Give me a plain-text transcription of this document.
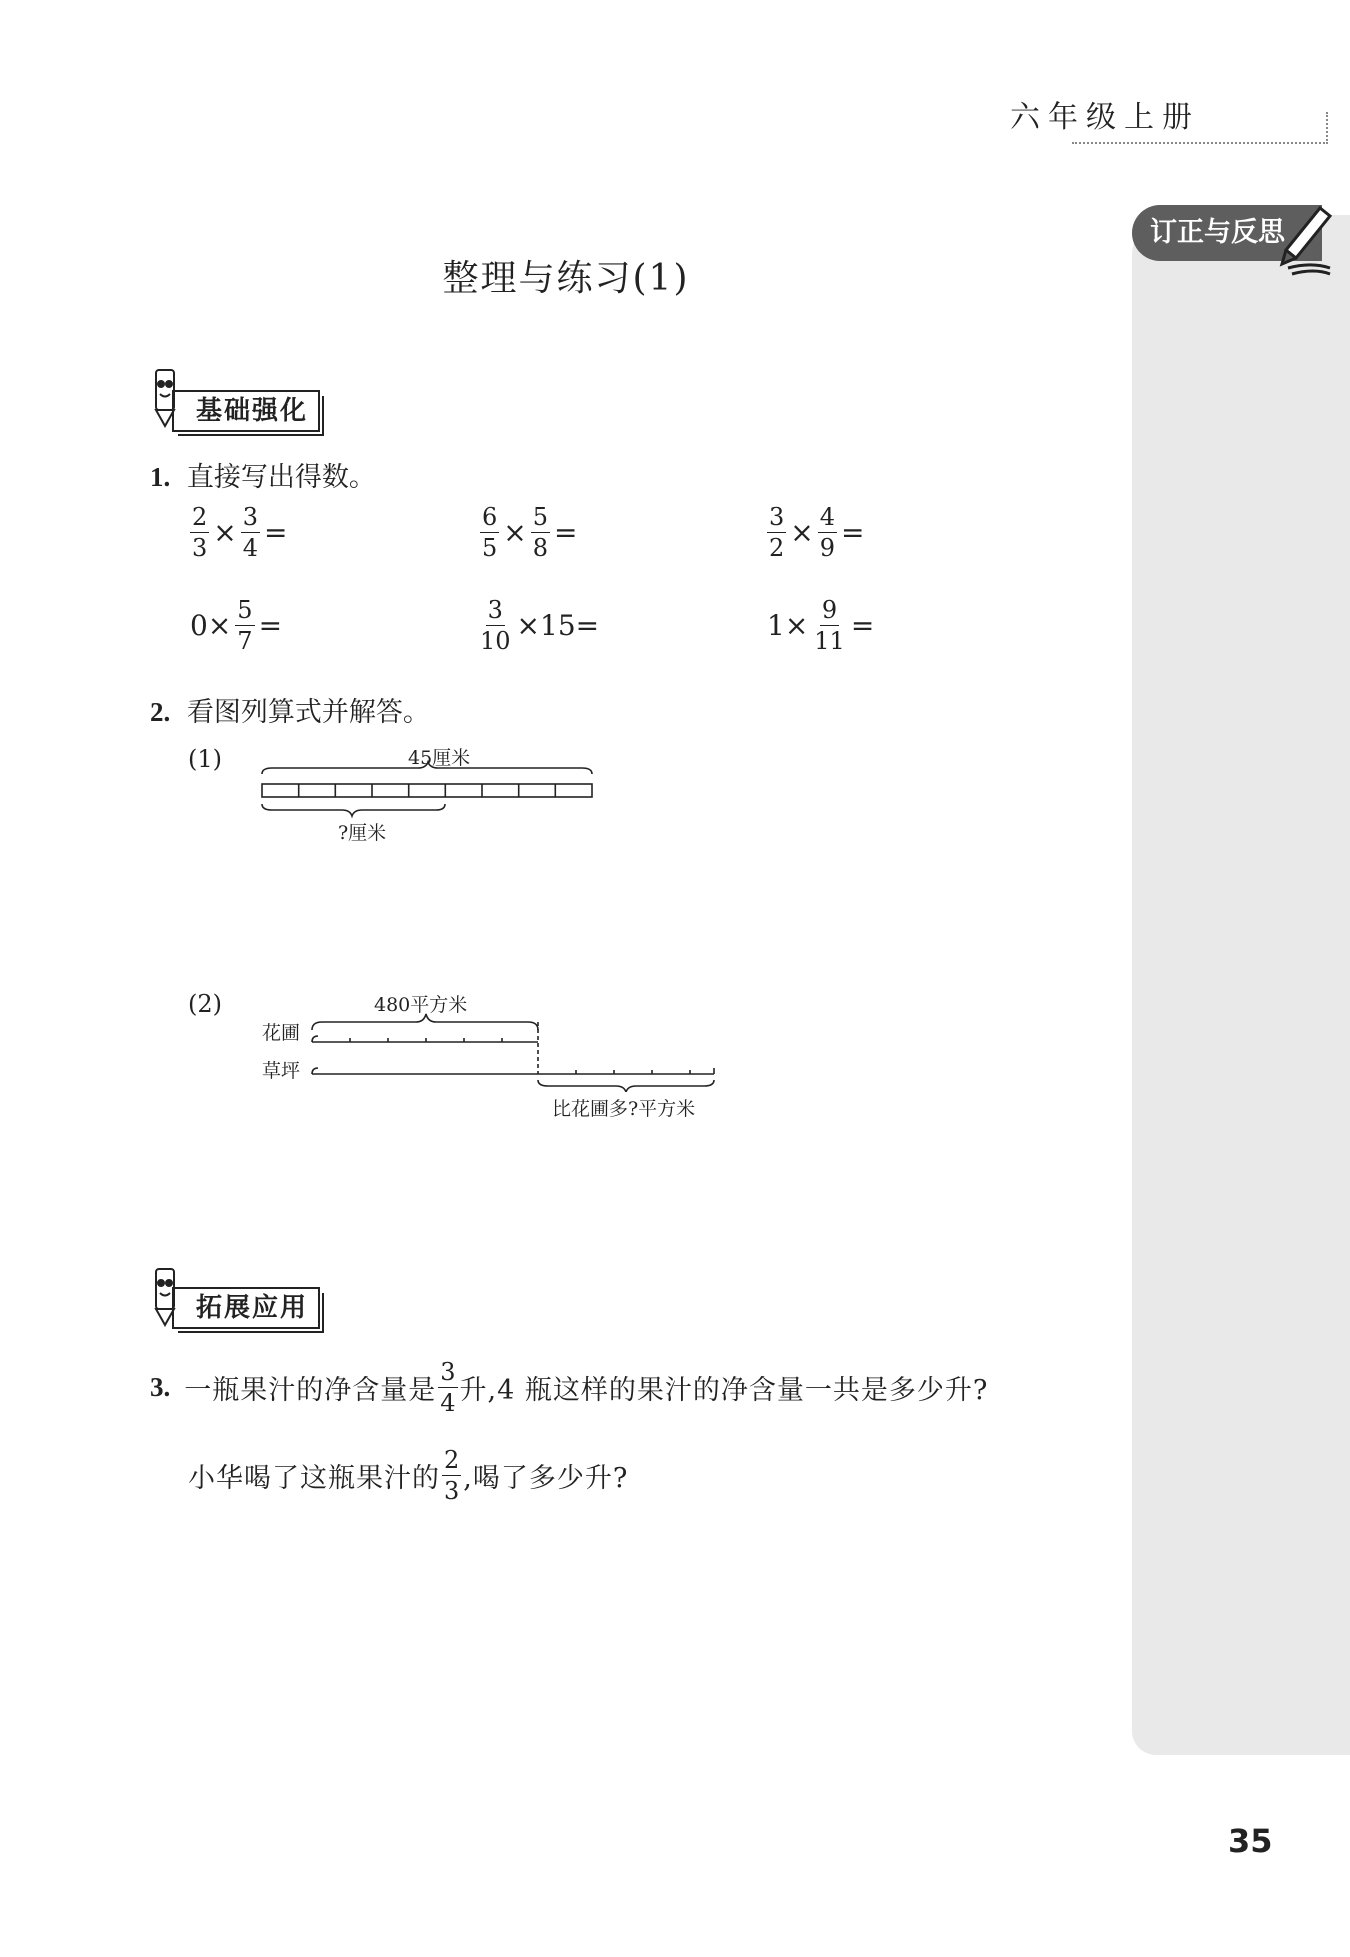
六年级上册
订正与反思
整理与练习(1)
基础强化
1. 直接写出得数。
$\frac{2}{3} \times \frac{3}{4}$ =	$\frac{6}{5} \times \frac{5}{8}$ =	$\frac{3}{2} \times \frac{4}{9}$ =
$0\times \frac{5}{7}$ =	$\frac{3}{10} \times 15=$	$1\times \frac{9}{11}$ =
2. 看图列算式并解答。
(1)	45厘米
?厘米
(2)	480平方米
花圃
草坪
比花圃多?平方米
拓展应用
3. 一瓶果汁的净含量是 $\frac{3}{4}$ 升,4 瓶这样的果汁的净含量一共是多少升?
小华喝了这瓶果汁的 $\frac{2}{3}$ ,喝了多少升?
35
